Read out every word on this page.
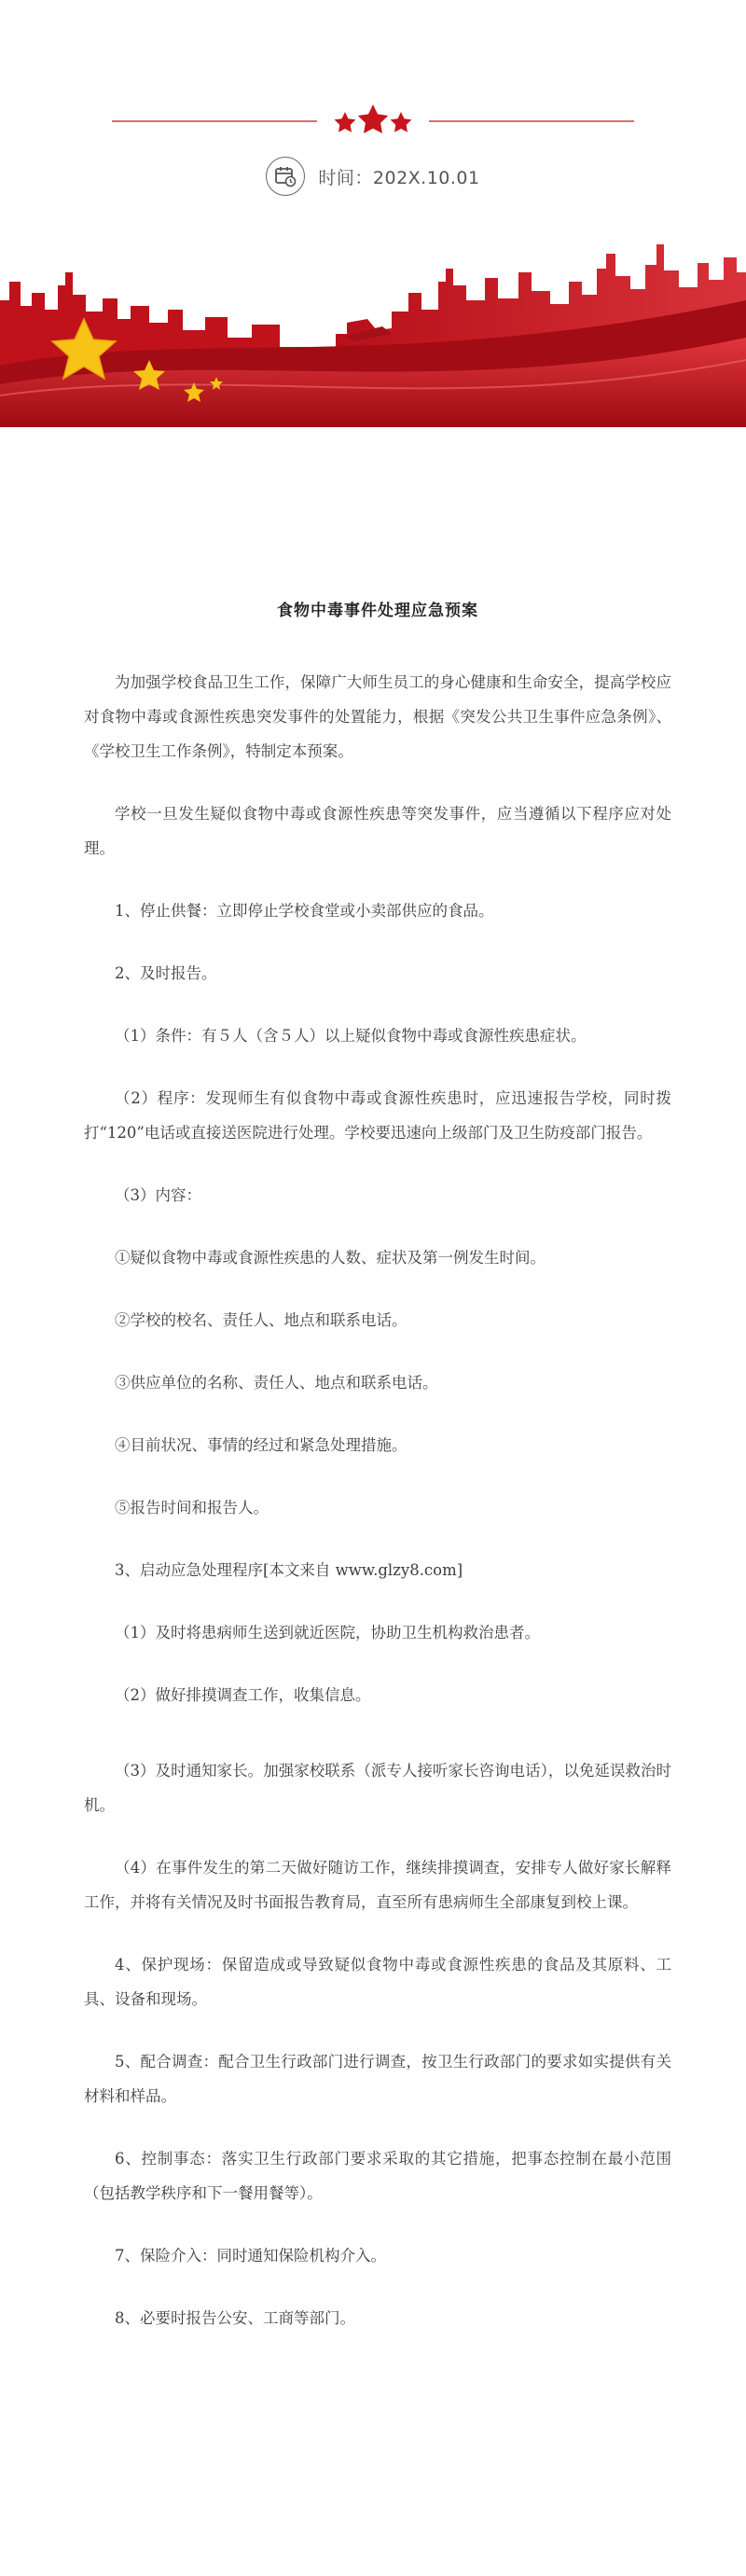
时间：202X.10.01
食物中毒事件处理应急预案

为加强学校食品卫生工作，保障广大师生员工的身心健康和生命安全，提高学校应对食物中毒或食源性疾患突发事件的处置能力，根据《突发公共卫生事件应急条例》、《学校卫生工作条例》，特制定本预案。

学校一旦发生疑似食物中毒或食源性疾患等突发事件，应当遵循以下程序应对处理。

1、停止供餐：立即停止学校食堂或小卖部供应的食品。

2、及时报告。

（1）条件：有５人（含５人）以上疑似食物中毒或食源性疾患症状。

（2）程序：发现师生有似食物中毒或食源性疾患时，应迅速报告学校，同时拨打“120”电话或直接送医院进行处理。学校要迅速向上级部门及卫生防疫部门报告。

（3）内容：

①疑似食物中毒或食源性疾患的人数、症状及第一例发生时间。

②学校的校名、责任人、地点和联系电话。

③供应单位的名称、责任人、地点和联系电话。

④目前状况、事情的经过和紧急处理措施。

⑤报告时间和报告人。

3、启动应急处理程序[本文来自 www.glzy8.com]

（1）及时将患病师生送到就近医院，协助卫生机构救治患者。

（2）做好排摸调查工作，收集信息。

（3）及时通知家长。加强家校联系（派专人接听家长咨询电话），以免延误救治时机。

（4）在事件发生的第二天做好随访工作，继续排摸调查，安排专人做好家长解释工作，并将有关情况及时书面报告教育局，直至所有患病师生全部康复到校上课。

4、保护现场：保留造成或导致疑似食物中毒或食源性疾患的食品及其原料、工具、设备和现场。

5、配合调查：配合卫生行政部门进行调查，按卫生行政部门的要求如实提供有关材料和样品。

6、控制事态：落实卫生行政部门要求采取的其它措施，把事态控制在最小范围（包括教学秩序和下一餐用餐等）。

7、保险介入：同时通知保险机构介入。

8、必要时报告公安、工商等部门。
